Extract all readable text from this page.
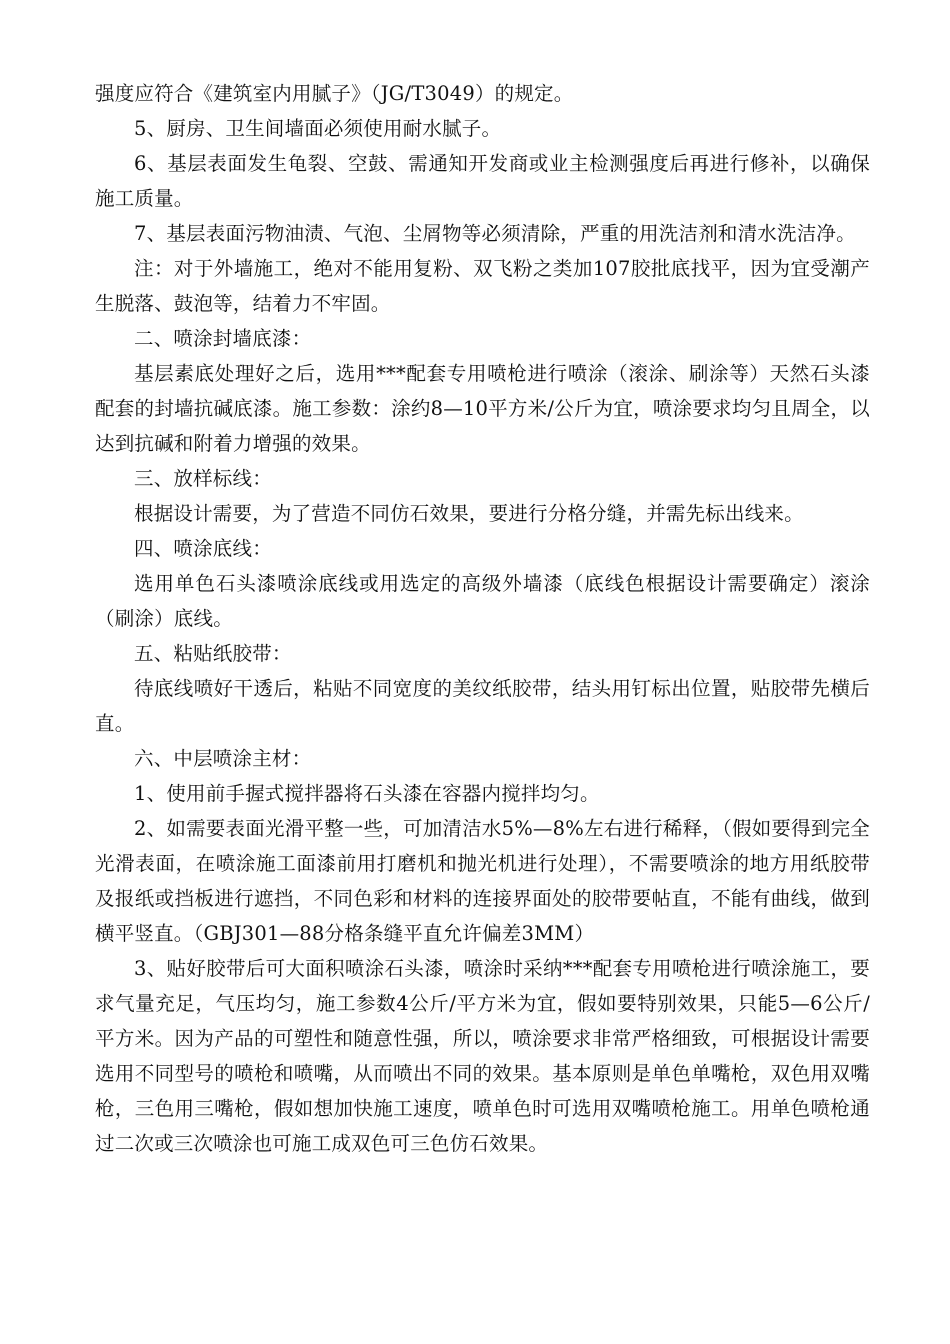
强度应符合《建筑室内用腻子》（JG/T3049）的规定。

5、厨房、卫生间墙面必须使用耐水腻子。

6、基层表面发生龟裂、空鼓、需通知开发商或业主检测强度后再进行修补，以确保施工质量。

7、基层表面污物油渍、气泡、尘屑物等必须清除，严重的用洗洁剂和清水洗洁净。

注：对于外墙施工，绝对不能用复粉、双飞粉之类加107胶批底找平，因为宜受潮产生脱落、鼓泡等，结着力不牢固。

二、喷涂封墙底漆：

基层素底处理好之后，选用***配套专用喷枪进行喷涂（滚涂、刷涂等）天然石头漆配套的封墙抗碱底漆。施工参数：涂约8—10平方米/公斤为宜，喷涂要求均匀且周全，以达到抗碱和附着力增强的效果。

三、放样标线：

根据设计需要，为了营造不同仿石效果，要进行分格分缝，并需先标出线来。

四、喷涂底线：

选用单色石头漆喷涂底线或用选定的高级外墙漆（底线色根据设计需要确定）滚涂（刷涂）底线。

五、粘贴纸胶带：

待底线喷好干透后，粘贴不同宽度的美纹纸胶带，结头用钉标出位置，贴胶带先横后直。

六、中层喷涂主材：

1、使用前手握式搅拌器将石头漆在容器内搅拌均匀。

2、如需要表面光滑平整一些，可加清洁水5%—8%左右进行稀释，（假如要得到完全光滑表面，在喷涂施工面漆前用打磨机和抛光机进行处理），不需要喷涂的地方用纸胶带及报纸或挡板进行遮挡，不同色彩和材料的连接界面处的胶带要帖直，不能有曲线，做到横平竖直。（GBJ301—88分格条缝平直允许偏差3MM）

3、贴好胶带后可大面积喷涂石头漆，喷涂时采纳***配套专用喷枪进行喷涂施工，要求气量充足，气压均匀，施工参数4公斤/平方米为宜，假如要特别效果，只能5—6公斤/平方米。因为产品的可塑性和随意性强，所以，喷涂要求非常严格细致，可根据设计需要选用不同型号的喷枪和喷嘴，从而喷出不同的效果。基本原则是单色单嘴枪，双色用双嘴枪，三色用三嘴枪，假如想加快施工速度，喷单色时可选用双嘴喷枪施工。用单色喷枪通过二次或三次喷涂也可施工成双色可三色仿石效果。
